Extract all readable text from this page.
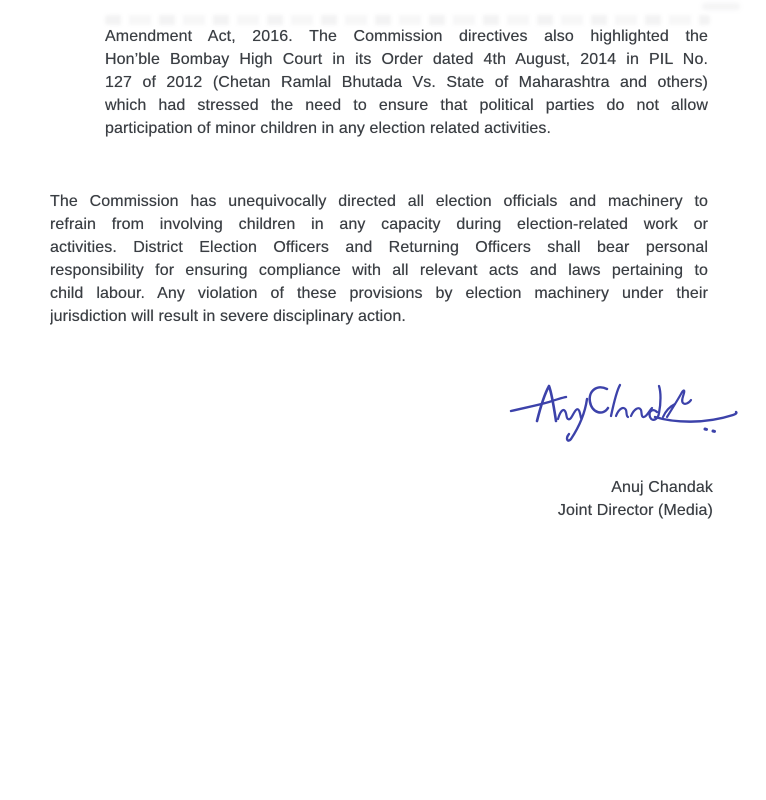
Amendment Act, 2016. The Commission directives also highlighted the
Hon’ble Bombay High Court in its Order dated 4th August, 2014 in PIL No.
127 of 2012 (Chetan Ramlal Bhutada Vs. State of Maharashtra and others)
which had stressed the need to ensure that political parties do not allow
participation of minor children in any election related activities.
The Commission has unequivocally directed all election officials and machinery to
refrain from involving children in any capacity during election-related work or
activities. District Election Officers and Returning Officers shall bear personal
responsibility for ensuring compliance with all relevant acts and laws pertaining to
child labour. Any violation of these provisions by election machinery under their
jurisdiction will result in severe disciplinary action.
Anuj Chandak
Joint Director (Media)
